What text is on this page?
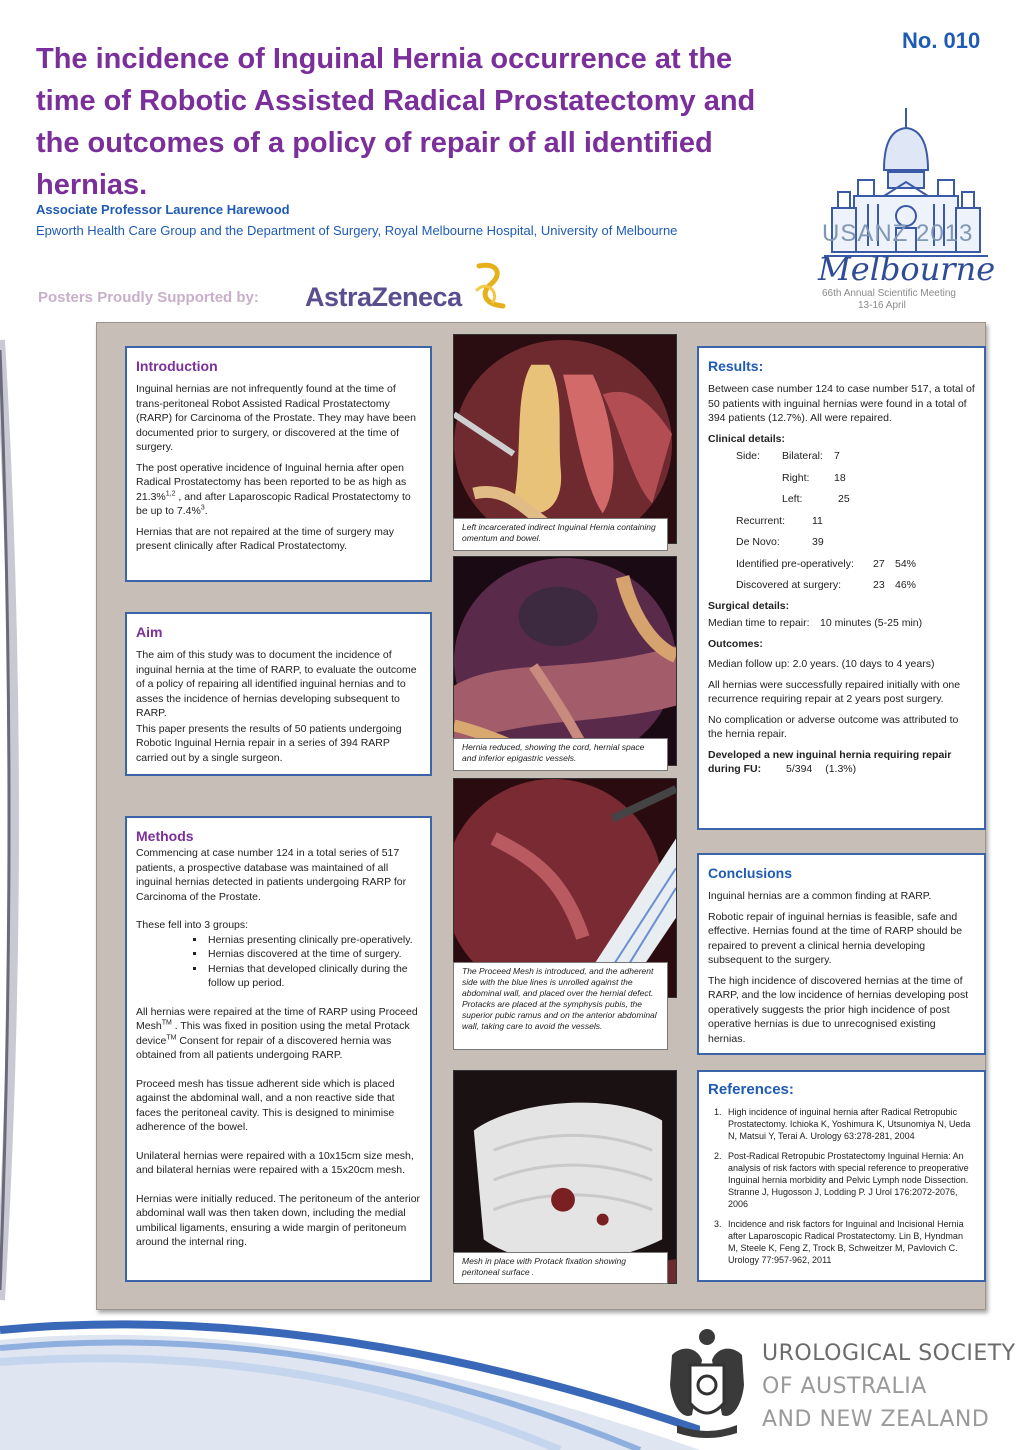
No. 010
The incidence of Inguinal Hernia occurrence at the time of Robotic Assisted Radical Prostatectomy and the outcomes of a policy of repair of all identified hernias.
Associate Professor Laurence Harewood
Epworth Health Care Group and the Department of Surgery, Royal Melbourne Hospital, University of Melbourne
Posters Proudly Supported by: AstraZeneca
USANZ 2013
Melbourne
66th Annual Scientific Meeting
13-16 April
Introduction

Inguinal hernias are not infrequently found at the time of trans-peritoneal Robot Assisted Radical Prostatectomy (RARP) for Carcinoma of the Prostate. They may have been documented prior to surgery, or discovered at the time of surgery.

The post operative incidence of Inguinal hernia after open Radical Prostatectomy has been reported to be as high as 21.3%$^{1,2}$ , and after Laparoscopic Radical Prostatectomy to be up to 7.4%$^3$.

Hernias that are not repaired at the time of surgery may present clinically after Radical Prostatectomy.

Aim

The aim of this study was to document the incidence of inguinal hernia at the time of RARP, to evaluate the outcome of a policy of repairing all identified inguinal hernias and to asses the incidence of hernias developing subsequent to RARP.

This paper presents the results of 50 patients undergoing Robotic Inguinal Hernia repair in a series of 394 RARP carried out by a single surgeon.

Methods

Commencing at case number 124 in a total series of 517 patients, a prospective database was maintained of all inguinal hernias detected in patients undergoing RARP for Carcinoma of the Prostate.

These fell into 3 groups:

▪ Hernias presenting clinically pre-operatively.
▪ Hernias discovered at the time of surgery.
▪ Hernias that developed clinically during the follow up period.

All hernias were repaired at the time of RARP using Proceed Mesh™ . This was fixed in position using the metal Protack device™ Consent for repair of a discovered hernia was obtained from all patients undergoing RARP.

Proceed mesh has tissue adherent side which is placed against the abdominal wall, and a non reactive side that faces the peritoneal cavity. This is designed to minimise adherence of the bowel.

Unilateral hernias were repaired with a 10x15cm size mesh, and bilateral hernias were repaired with a 15x20cm mesh.

Hernias were initially reduced. The peritoneum of the anterior abdominal wall was then taken down, including the medial umbilical ligaments, ensuring a wide margin of peritoneum around the internal ring.

Left incarcerated indirect Inguinal Hernia containing omentum and bowel.
Hernia reduced, showing the cord, hernial space and inferior epigastric vessels.
The Proceed Mesh is introduced, and the adherent side with the blue lines is unrolled against the abdominal wall, and placed over the hernial defect.
Protacks are placed at the symphysis pubis, the superior pubic ramus and on the anterior abdominal wall, taking care to avoid the vessels.
Mesh in place with Protack fixation showing peritoneal surface .
Results:

Between case number 124 to case number 517, a total of 50 patients with inguinal hernias were found in a total of 394 patients (12.7%). All were repaired.

Clinical details:
Side:	Bilateral:	7
Right:	18
Left:	25
Recurrent:	11
De Novo:	39
Identified pre-operatively:	27 54%
Discovered at surgery:	23 46%
Surgical details:
Median time to repair: 10 minutes (5-25 min)
Outcomes:

Median follow up: 2.0 years. (10 days to 4 years)

All hernias were successfully repaired initially with one recurrence requiring repair at 2 years post surgery.

No complication or adverse outcome was attributed to the hernia repair.

Developed a new inguinal hernia requiring repair during FU: 5/394 (1.3%)

Conclusions

Inguinal hernias are a common finding at RARP.

Robotic repair of inguinal hernias is feasible, safe and effective. Hernias found at the time of RARP should be repaired to prevent a clinical hernia developing subsequent to the surgery.

The high incidence of discovered hernias at the time of RARP, and the low incidence of hernias developing post operatively suggests the prior high incidence of post operative hernias is due to unrecognised existing hernias.

References:
1. High incidence of inguinal hernia after Radical Retropubic Prostatectomy. Ichioka K, Yoshimura K, Utsunomiya N, Ueda N, Matsui Y, Terai A. Urology 63:278-281, 2004
2. Post-Radical Retropubic Prostatectomy Inguinal Hernia: An analysis of risk factors with special reference to preoperative Inguinal hernia morbidity and Pelvic Lymph node Dissection. Stranne J, Hugosson J, Lodding P. J Urol 176:2072-2076, 2006
3. Incidence and risk factors for Inguinal and Incisional Hernia after Laparoscopic Radical Prostatectomy. Lin B, Hyndman M, Steele K, Feng Z, Trock B, Schweitzer M, Pavlovich C. Urology 77:957-962, 2011
UROLOGICAL SOCIETY
OF AUSTRALIA
AND NEW ZEALAND
